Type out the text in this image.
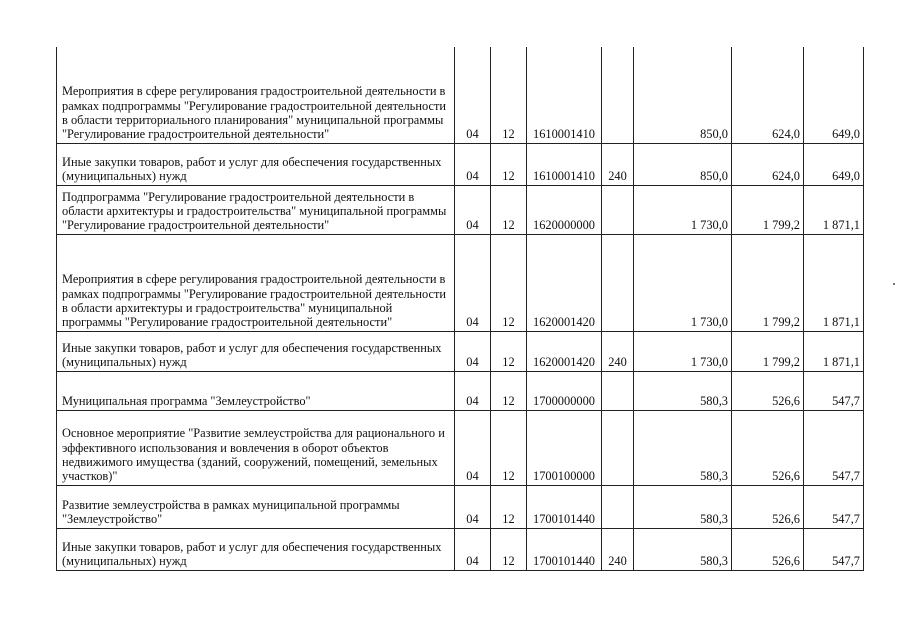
Мероприятия в сфере регулирования градостроительной деятельности в рамках подпрограммы "Регулирование градостроительной деятельности в области территориального планирования" муниципальной программы "Регулирование градостроительной деятельности"	04	12	1610001410		850,0	624,0	649,0
Иные закупки товаров, работ и услуг для обеспечения государственных (муниципальных) нужд	04	12	1610001410	240	850,0	624,0	649,0
Подпрограмма "Регулирование градостроительной деятельности в области архитектуры и градостроительства" муниципальной программы "Регулирование градостроительной деятельности"	04	12	1620000000		1 730,0	1 799,2	1 871,1
Мероприятия в сфере регулирования градостроительной деятельности в рамках подпрограммы "Регулирование градостроительной деятельности в области архитектуры и градостроительства" муниципальной программы "Регулирование градостроительной деятельности"	04	12	1620001420		1 730,0	1 799,2	1 871,1
Иные закупки товаров, работ и услуг для обеспечения государственных (муниципальных) нужд	04	12	1620001420	240	1 730,0	1 799,2	1 871,1
Муниципальная программа "Землеустройство"	04	12	1700000000		580,3	526,6	547,7
Основное мероприятие "Развитие землеустройства для рационального и эффективного использования и вовлечения в оборот объектов недвижимого имущества (зданий, сооружений, помещений, земельных участков)"	04	12	1700100000		580,3	526,6	547,7
Развитие землеустройства в рамках муниципальной программы "Землеустройство"	04	12	1700101440		580,3	526,6	547,7
Иные закупки товаров, работ и услуг для обеспечения государственных (муниципальных) нужд	04	12	1700101440	240	580,3	526,6	547,7
